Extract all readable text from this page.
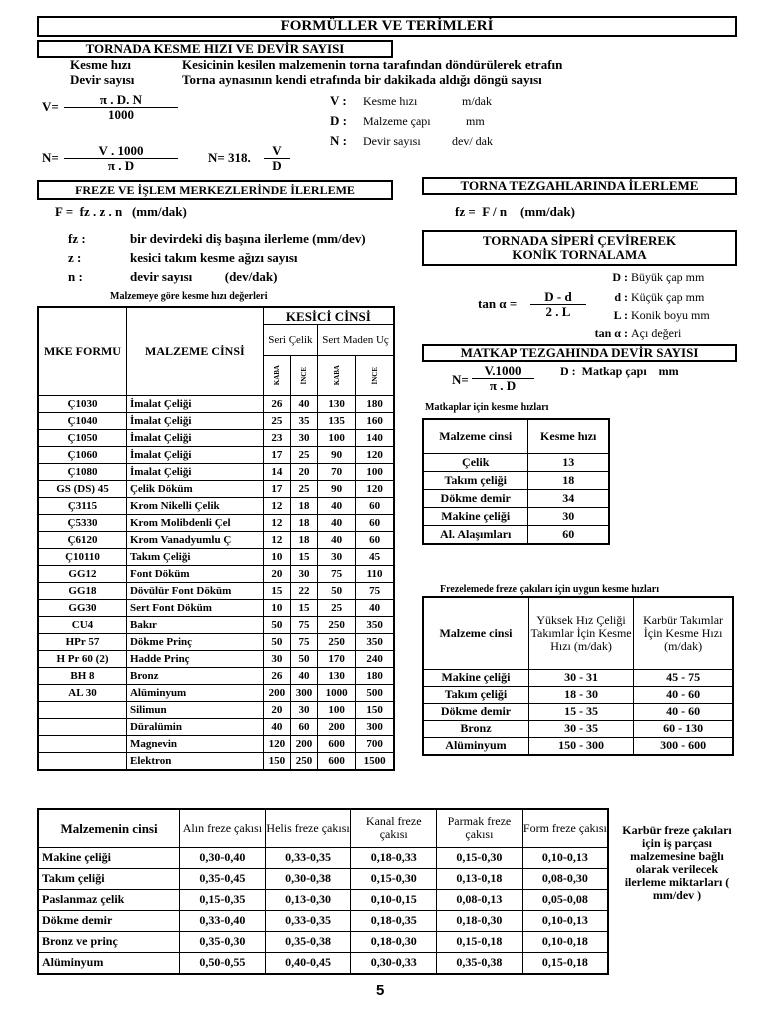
FORMÜLLER VE TERİMLERİ
TORNADA KESME HIZI VE DEVİR SAYISI
Kesme hızı	Kesicinin kesilen malzemenin torna tarafından döndürülerek etrafın
Devir sayısı	Torna aynasının kendi etrafında bir dakikada aldığı döngü sayısı
V=	π . D. N
1000
V : Kesme hızı	m/dak
D : Malzeme çapı	mm
N : Devir sayısı	dev/ dak
N=	V . 1000
π . D
N= 318. V
D
FREZE VE İŞLEM MERKEZLERİNDE İLERLEME
F =  fz . z . n   (mm/dak)
fz :	bir devirdeki diş başına ilerleme (mm/dev)
z :	kesici takım kesme ağızı sayısı
n :	devir sayısı          (dev/dak)
TORNA TEZGAHLARINDA İLERLEME
fz =  F / n    (mm/dak)
TORNADA SİPERİ ÇEVİREREK
KONİK TORNALAMA
tan α = D - d
2 . L
D : Büyük çap mm
d : Küçük çap mm
L : Konik boyu mm
tan α : Açı değeri
MATKAP TEZGAHINDA DEVİR SAYISI
N=
V.1000
π . D
D :  Matkap çapı    mm
Malzemeye göre kesme hızı değerleri
MKE FORMU	MALZEME CİNSİ	KESİCİ CİNSİ			
		Seri Çelik		Sert Maden Uç	

		KABA	İNCE	KABA	İNCE

Ç1030	İmalat Çeliği	26	40	130	180
Ç1040	İmalat Çeliği	25	35	135	160
Ç1050	İmalat Çeliği	23	30	100	140
Ç1060	İmalat Çeliği	17	25	90	120
Ç1080	İmalat Çeliği	14	20	70	100
GS (DS) 45	Çelik Döküm	17	25	90	120
Ç3115	Krom Nikelli Çelik	12	18	40	60
Ç5330	Krom Molibdenli Çel	12	18	40	60
Ç6120	Krom Vanadyumlu Ç	12	18	40	60
Ç10110	Takım Çeliği	10	15	30	45
GG12	Font Döküm	20	30	75	110
GG18	Dövülür Font Döküm	15	22	50	75
GG30	Sert Font Döküm	10	15	25	40
CU4	Bakır	50	75	250	350
HPr 57	Dökme Prinç	50	75	250	350
H Pr 60 (2)	Hadde Prinç	30	50	170	240
BH 8	Bronz	26	40	130	180
AL 30	Alüminyum	200	300	1000	500
	Silimun	20	30	100	150
	Düralümin	40	60	200	300
	Magnevin	120	200	600	700
	Elektron	150	250	600	1500
Matkaplar için kesme hızları
Malzeme cinsi	Kesme hızı
Çelik	13
Takım çeliği	18
Dökme demir	34
Makine çeliği	30
Al. Alaşımları	60
Frezelemede freze çakıları için uygun kesme hızları
Malzeme cinsi	Yüksek Hız Çeliği Takımlar İçin Kesme Hızı (m/dak)	Karbür Takımlar İçin Kesme Hızı (m/dak)
Makine çeliği	30 - 31	45 - 75
Takım çeliği	18 - 30	40 - 60
Dökme demir	15 - 35	40 - 60
Bronz	30 - 35	60 - 130
Alüminyum	150 - 300	300 - 600
Malzemenin cinsi	Alın freze çakısı	Helis freze çakısı	Kanal freze çakısı	Parmak freze çakısı	Form freze çakısı
Makine çeliği	0,30-0,40	0,33-0,35	0,18-0,33	0,15-0,30	0,10-0,13
Takım çeliği	0,35-0,45	0,30-0,38	0,15-0,30	0,13-0,18	0,08-0,30
Paslanmaz çelik	0,15-0,35	0,13-0,30	0,10-0,15	0,08-0,13	0,05-0,08
Dökme demir	0,33-0,40	0,33-0,35	0,18-0,35	0,18-0,30	0,10-0,13
Bronz ve prinç	0,35-0,30	0,35-0,38	0,18-0,30	0,15-0,18	0,10-0,18
Alüminyum	0,50-0,55	0,40-0,45	0,30-0,33	0,35-0,38	0,15-0,18
Karbür freze çakıları için iş parçası malzemesine bağlı olarak verilecek ilerleme miktarları ( mm/dev )
5
